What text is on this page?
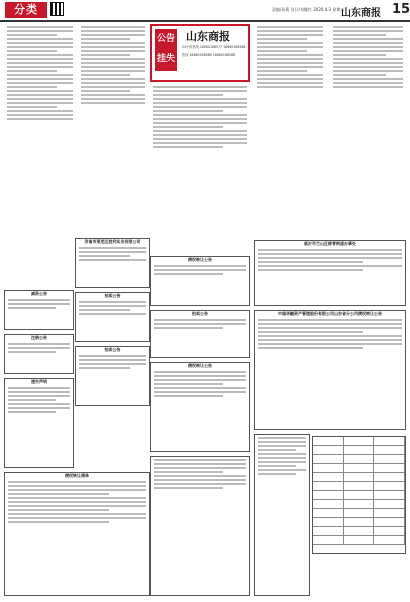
分类	责编/孙燕 设计/刘继红 2020.4.3 星期五
山东商报 15
公告
挂失
山东商报
24小时热线 18060188577 18660188588
热线 18660188588 18660188588
济南市莱芜区胜利实业有限公司
拍卖公告
债权转让公告
减资公告
注销公告
遗失声明
拍卖公告
临沂市兰山区柳青街道办事处
拍卖公告
债权转让公告
中国华融资产管理股份有限公司山东省分公司债权转让公告
债权转让清单
